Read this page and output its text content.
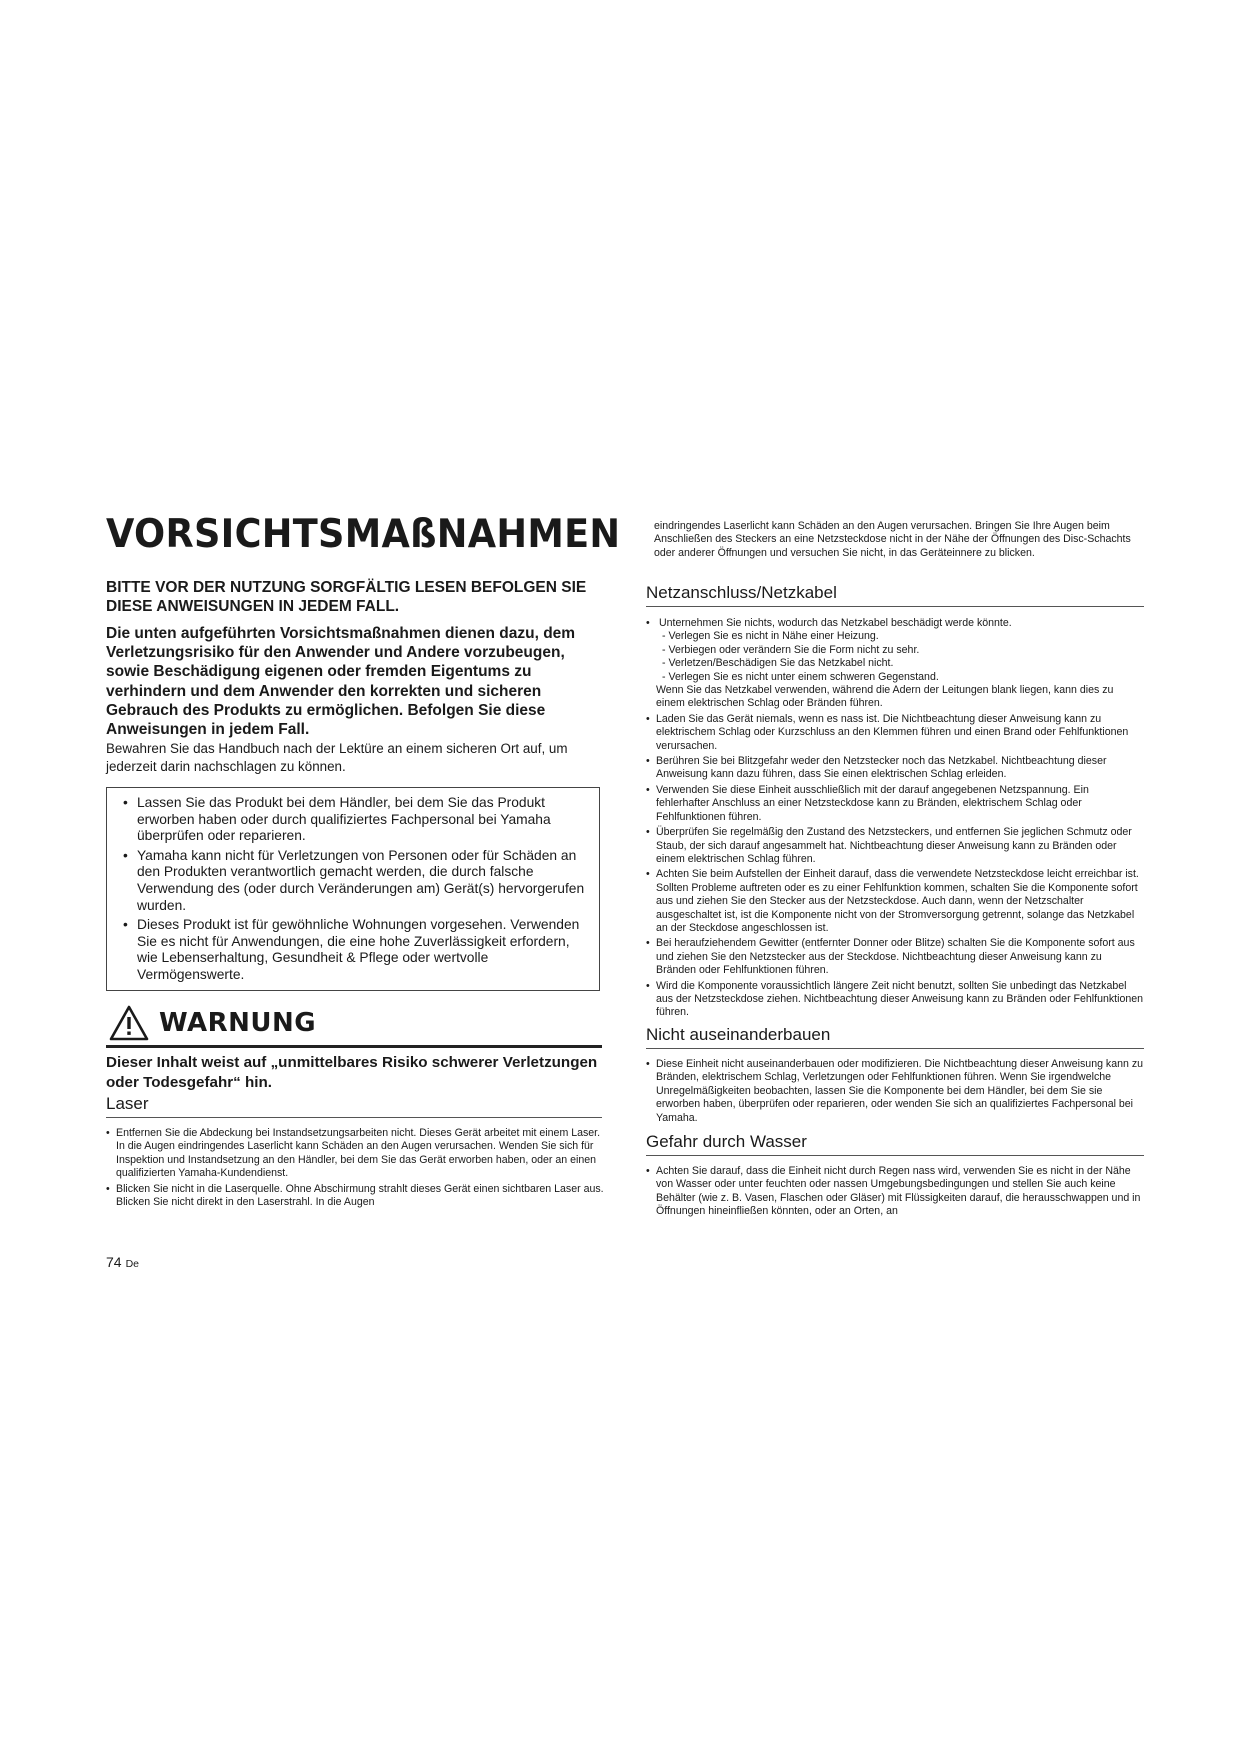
VORSICHTSMAßNAHMEN

BITTE VOR DER NUTZUNG SORGFÄLTIG LESEN BEFOLGEN SIE DIESE ANWEISUNGEN IN JEDEM FALL.

Die unten aufgeführten Vorsichtsmaßnahmen dienen dazu, dem Verletzungsrisiko für den Anwender und Andere vorzubeugen, sowie Beschädigung eigenen oder fremden Eigentums zu verhindern und dem Anwender den korrekten und sicheren Gebrauch des Produkts zu ermöglichen. Befolgen Sie diese Anweisungen in jedem Fall.

Bewahren Sie das Handbuch nach der Lektüre an einem sicheren Ort auf, um jederzeit darin nachschlagen zu können.

• Lassen Sie das Produkt bei dem Händler, bei dem Sie das Produkt erworben haben oder durch qualifiziertes Fachpersonal bei Yamaha überprüfen oder reparieren.
• Yamaha kann nicht für Verletzungen von Personen oder für Schäden an den Produkten verantwortlich gemacht werden, die durch falsche Verwendung des (oder durch Veränderungen am) Gerät(s) hervorgerufen wurden.
• Dieses Produkt ist für gewöhnliche Wohnungen vorgesehen. Verwenden Sie es nicht für Anwendungen, die eine hohe Zuverlässigkeit erfordern, wie Lebenserhaltung, Gesundheit & Pflege oder wertvolle Vermögenswerte.
WARNUNG

Dieser Inhalt weist auf „unmittelbares Risiko schwerer Verletzungen oder Todesgefahr“ hin.

Laser
• Entfernen Sie die Abdeckung bei Instandsetzungsarbeiten nicht. Dieses Gerät arbeitet mit einem Laser. In die Augen eindringendes Laserlicht kann Schäden an den Augen verursachen. Wenden Sie sich für Inspektion und Instandsetzung an den Händler, bei dem Sie das Gerät erworben haben, oder an einen qualifizierten Yamaha-Kundendienst.
• Blicken Sie nicht in die Laserquelle. Ohne Abschirmung strahlt dieses Gerät einen sichtbaren Laser aus. Blicken Sie nicht direkt in den Laserstrahl. In die Augen

eindringendes Laserlicht kann Schäden an den Augen verursachen. Bringen Sie Ihre Augen beim Anschließen des Steckers an eine Netzsteckdose nicht in der Nähe der Öffnungen des Disc-Schachts oder anderer Öffnungen und versuchen Sie nicht, in das Geräteinnere zu blicken.

Netzanschluss/Netzkabel
• Unternehmen Sie nichts, wodurch das Netzkabel beschädigt werde könnte.
- Verlegen Sie es nicht in Nähe einer Heizung.
- Verbiegen oder verändern Sie die Form nicht zu sehr.
- Verletzen/Beschädigen Sie das Netzkabel nicht.
- Verlegen Sie es nicht unter einem schweren Gegenstand.
Wenn Sie das Netzkabel verwenden, während die Adern der Leitungen blank liegen, kann dies zu einem elektrischen Schlag oder Bränden führen.
• Laden Sie das Gerät niemals, wenn es nass ist. Die Nichtbeachtung dieser Anweisung kann zu elektrischem Schlag oder Kurzschluss an den Klemmen führen und einen Brand oder Fehlfunktionen verursachen.
• Berühren Sie bei Blitzgefahr weder den Netzstecker noch das Netzkabel. Nichtbeachtung dieser Anweisung kann dazu führen, dass Sie einen elektrischen Schlag erleiden.
• Verwenden Sie diese Einheit ausschließlich mit der darauf angegebenen Netzspannung. Ein fehlerhafter Anschluss an einer Netzsteckdose kann zu Bränden, elektrischem Schlag oder Fehlfunktionen führen.
• Überprüfen Sie regelmäßig den Zustand des Netzsteckers, und entfernen Sie jeglichen Schmutz oder Staub, der sich darauf angesammelt hat. Nichtbeachtung dieser Anweisung kann zu Bränden oder einem elektrischen Schlag führen.
• Achten Sie beim Aufstellen der Einheit darauf, dass die verwendete Netzsteckdose leicht erreichbar ist. Sollten Probleme auftreten oder es zu einer Fehlfunktion kommen, schalten Sie die Komponente sofort aus und ziehen Sie den Stecker aus der Netzsteckdose. Auch dann, wenn der Netzschalter ausgeschaltet ist, ist die Komponente nicht von der Stromversorgung getrennt, solange das Netzkabel an der Steckdose angeschlossen ist.
• Bei heraufziehendem Gewitter (entfernter Donner oder Blitze) schalten Sie die Komponente sofort aus und ziehen Sie den Netzstecker aus der Steckdose. Nichtbeachtung dieser Anweisung kann zu Bränden oder Fehlfunktionen führen.
• Wird die Komponente voraussichtlich längere Zeit nicht benutzt, sollten Sie unbedingt das Netzkabel aus der Netzsteckdose ziehen. Nichtbeachtung dieser Anweisung kann zu Bränden oder Fehlfunktionen führen.
Nicht auseinanderbauen
• Diese Einheit nicht auseinanderbauen oder modifizieren. Die Nichtbeachtung dieser Anweisung kann zu Bränden, elektrischem Schlag, Verletzungen oder Fehlfunktionen führen. Wenn Sie irgendwelche Unregelmäßigkeiten beobachten, lassen Sie die Komponente bei dem Händler, bei dem Sie sie erworben haben, überprüfen oder reparieren, oder wenden Sie sich an qualifiziertes Fachpersonal bei Yamaha.
Gefahr durch Wasser
• Achten Sie darauf, dass die Einheit nicht durch Regen nass wird, verwenden Sie es nicht in der Nähe von Wasser oder unter feuchten oder nassen Umgebungsbedingungen und stellen Sie auch keine Behälter (wie z. B. Vasen, Flaschen oder Gläser) mit Flüssigkeiten darauf, die herausschwappen und in Öffnungen hineinfließen könnten, oder an Orten, an
74 De
